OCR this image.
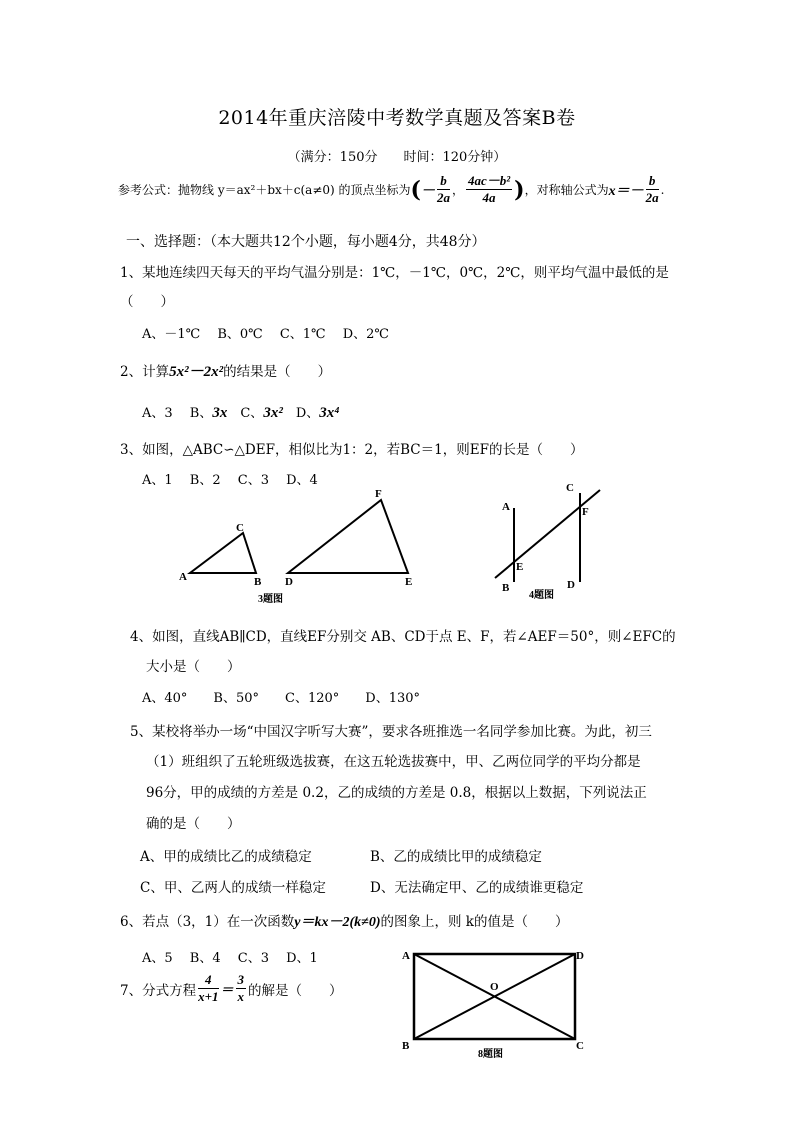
2014年重庆涪陵中考数学真题及答案B卷
（满分：150分　　时间：120分钟）
参考公式：抛物线 y＝ax²＋bx＋c(a≠0) 的顶点坐标为 ( － $\frac{b}{2a}$ ， $\frac{\text{4ac－b²}}{4a}$ ) ，对称轴公式为 $x=- \frac{b}{2a}$ .
一、选择题：（本大题共12个小题，每小题4分，共48分）
1、某地连续四天每天的平均气温分别是：1℃，－1℃，0℃，2℃，则平均气温中最低的是
（　　）
A、－1℃　 B、0℃　 C、1℃　 D、2℃
2、计算5x²－2x²的结果是（　　）
A、3　 B、3x　C、3x²　D、3x⁴
3、如图，△ABC∽△DEF，相似比为1：2，若BC＝1，则EF的长是（　　）
A、1　 B、2　 C、3　 D、4
A	B
C
D	E
F
3题图
A
B
C
D
E
F
4题图
4、如图，直线AB∥CD，直线EF分别交 AB、CD于点 E、F，若∠AEF＝50°，则∠EFC的
大小是（　　）
A、40°　　B、50°　　C、120°　　D、130°
5、某校将举办一场“中国汉字听写大赛”，要求各班推选一名同学参加比赛。为此，初三
（1）班组织了五轮班级选拔赛，在这五轮选拔赛中，甲、乙两位同学的平均分都是
96分，甲的成绩的方差是 0.2，乙的成绩的方差是 0.8，根据以上数据，下列说法正
确的是（　　）
A、甲的成绩比乙的成绩稳定	B、乙的成绩比甲的成绩稳定
C、甲、乙两人的成绩一样稳定	D、无法确定甲、乙的成绩谁更稳定
6、若点（3，1）在一次函数y＝kx－2(k≠0)的图象上，则 k的值是（　　）
A、5　 B、4　 C、3　 D、1
7、分式方程 $\frac{4}{x+1} = \frac{3}{x}$ 的解是（　　）
A
B	C
D
O
8题图
